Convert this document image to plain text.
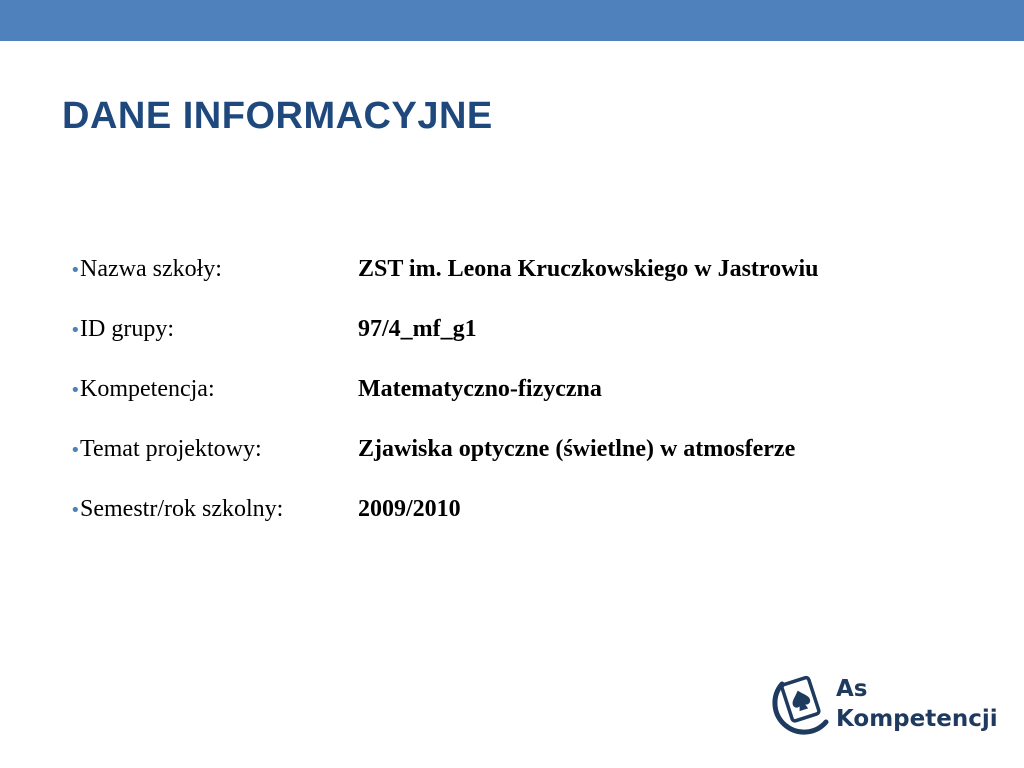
DANE INFORMACYJNE
• Nazwa szkoły:	ZST im. Leona Kruczkowskiego w Jastrowiu
• ID grupy:	97/4_mf_g1
• Kompetencja:	Matematyczno-fizyczna
• Temat projektowy:	Zjawiska optyczne (świetlne) w atmosferze
• Semestr/rok szkolny:	2009/2010
As
Kompetencji
